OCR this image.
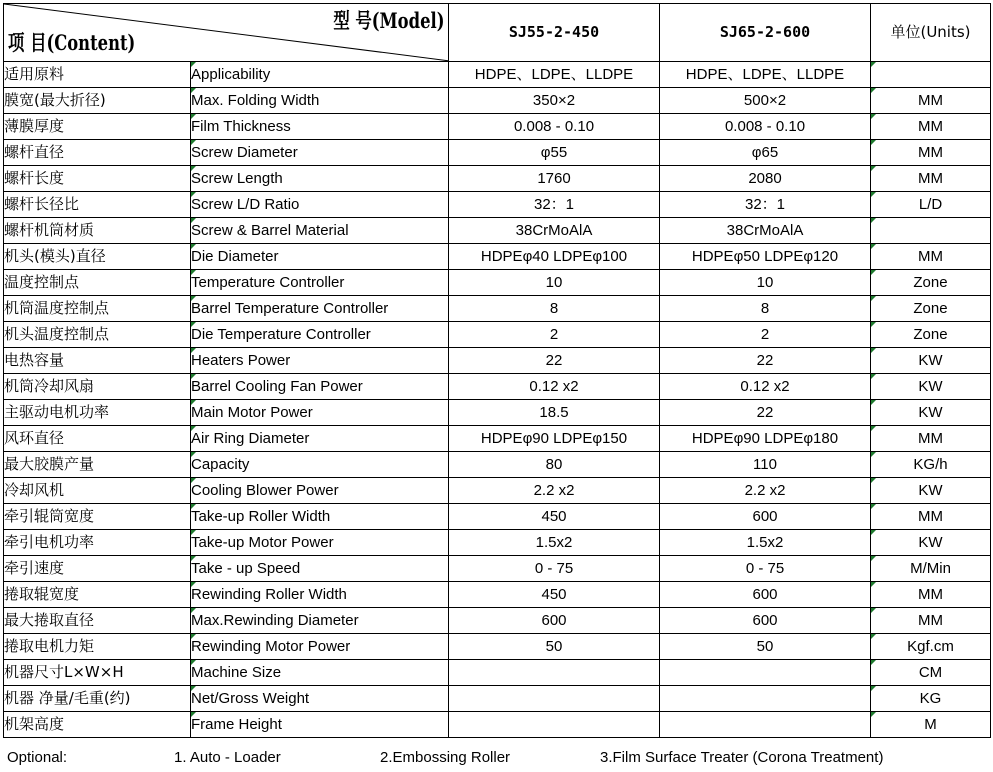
项 目(Content)
型 号(Model)		SJ55-2-450	SJ65-2-600	单位(Units)
适用原料	Applicability	HDPE、LDPE、LLDPE	HDPE、LDPE、LLDPE	
膜宽(最大折径)	Max. Folding Width	350×2	500×2	MM
薄膜厚度	Film Thickness	0.008 - 0.10	0.008 - 0.10	MM
螺杆直径	Screw Diameter	φ55	φ65	MM
螺杆长度	Screw Length	1760	2080	MM
螺杆长径比	Screw L/D Ratio	32：1	32：1	L/D
螺杆机筒材质	Screw & Barrel Material	38CrMoAlA	38CrMoAlA	
机头(模头)直径	Die Diameter	HDPEφ40 LDPEφ100	HDPEφ50 LDPEφ120	MM
温度控制点	Temperature Controller	10	10	Zone
机筒温度控制点	Barrel Temperature Controller	8	8	Zone
机头温度控制点	Die Temperature Controller	2	2	Zone
电热容量	Heaters Power	22	22	KW
机筒冷却风扇	Barrel Cooling Fan Power	0.12 x2	0.12 x2	KW
主驱动电机功率	Main Motor Power	18.5	22	KW
风环直径	Air Ring Diameter	HDPEφ90 LDPEφ150	HDPEφ90 LDPEφ180	MM
最大胶膜产量	Capacity	80	110	KG/h
冷却风机	Cooling Blower Power	2.2 x2	2.2 x2	KW
牵引辊筒宽度	Take-up Roller Width	450	600	MM
牵引电机功率	Take-up Motor Power	1.5x2	1.5x2	KW
牵引速度	Take - up Speed	0 - 75	0 - 75	M/Min
捲取辊宽度	Rewinding Roller Width	450	600	MM
最大捲取直径	Max.Rewinding Diameter	600	600	MM
捲取电机力矩	Rewinding Motor Power	50	50	Kgf.cm
机器尺寸L×W×H	Machine Size			CM
机器 净量/毛重(约)	Net/Gross Weight			KG
机架高度	Frame Height			M
Optional:	1. Auto - Loader	2.Embossing Roller	3.Film Surface Treater (Corona Treatment)
